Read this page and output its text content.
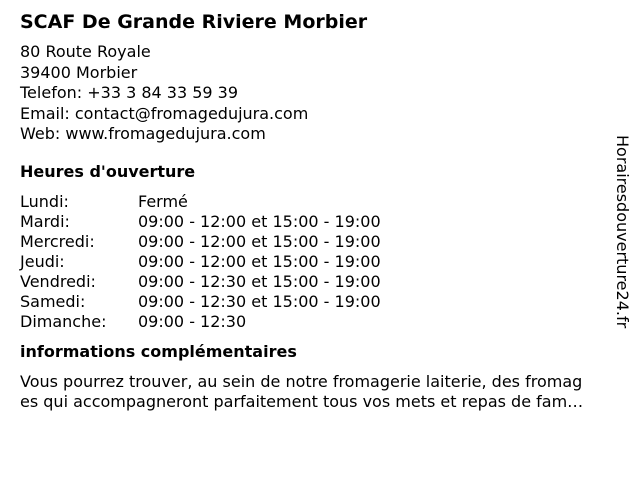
SCAF De Grande Riviere Morbier
80 Route Royale
39400 Morbier
Telefon: +33 3 84 33 59 39
Email: contact@fromagedujura.com
Web: www.fromagedujura.com
Heures d'ouverture
Lundi:	Fermé
Mardi:	09:00 - 12:00 et 15:00 - 19:00
Mercredi:	09:00 - 12:00 et 15:00 - 19:00
Jeudi:	09:00 - 12:00 et 15:00 - 19:00
Vendredi:	09:00 - 12:30 et 15:00 - 19:00
Samedi:	09:00 - 12:30 et 15:00 - 19:00
Dimanche:	09:00 - 12:30
informations complémentaires
Vous pourrez trouver, au sein de notre fromagerie laiterie, des fromag
es qui accompagneront parfaitement tous vos mets et repas de fam…
Horairesdouverture24.fr
